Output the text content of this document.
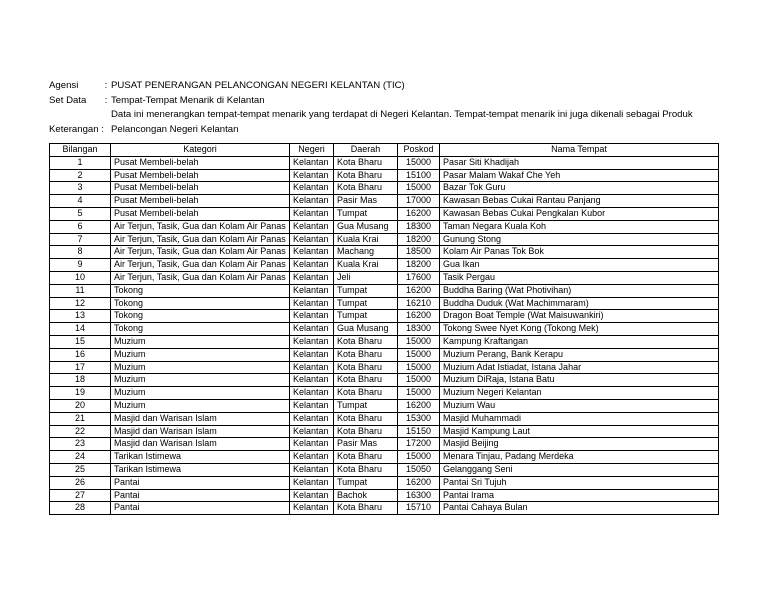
Agensi	: PUSAT PENERANGAN PELANCONGAN NEGERI KELANTAN (TIC)
Set Data	: Tempat-Tempat Menarik di Kelantan
Data ini menerangkan tempat-tempat menarik yang terdapat di Negeri Kelantan. Tempat-tempat menarik ini juga dikenali sebagai Produk
Keterangan : Pelancongan Negeri Kelantan
Bilangan	Kategori	Negeri	Daerah	Poskod	Nama Tempat
1	Pusat Membeli-belah	Kelantan	Kota Bharu	15000	Pasar Siti Khadijah
2	Pusat Membeli-belah	Kelantan	Kota Bharu	15100	Pasar Malam Wakaf Che Yeh
3	Pusat Membeli-belah	Kelantan	Kota Bharu	15000	Bazar Tok Guru
4	Pusat Membeli-belah	Kelantan	Pasir Mas	17000	Kawasan Bebas Cukai Rantau Panjang
5	Pusat Membeli-belah	Kelantan	Tumpat	16200	Kawasan Bebas Cukai Pengkalan Kubor
6	Air Terjun, Tasik, Gua dan Kolam Air Panas	Kelantan	Gua Musang	18300	Taman Negara Kuala Koh
7	Air Terjun, Tasik, Gua dan Kolam Air Panas	Kelantan	Kuala Krai	18200	Gunung Stong
8	Air Terjun, Tasik, Gua dan Kolam Air Panas	Kelantan	Machang	18500	Kolam Air Panas Tok Bok
9	Air Terjun, Tasik, Gua dan Kolam Air Panas	Kelantan	Kuala Krai	18200	Gua Ikan
10	Air Terjun, Tasik, Gua dan Kolam Air Panas	Kelantan	Jeli	17600	Tasik Pergau
11	Tokong	Kelantan	Tumpat	16200	Buddha Baring (Wat Photivihan)
12	Tokong	Kelantan	Tumpat	16210	Buddha Duduk (Wat Machimmaram)
13	Tokong	Kelantan	Tumpat	16200	Dragon Boat Temple (Wat Maisuwankiri)
14	Tokong	Kelantan	Gua Musang	18300	Tokong Swee Nyet Kong (Tokong Mek)
15	Muzium	Kelantan	Kota Bharu	15000	Kampung Kraftangan
16	Muzium	Kelantan	Kota Bharu	15000	Muzium Perang, Bank Kerapu
17	Muzium	Kelantan	Kota Bharu	15000	Muzium Adat Istiadat, Istana Jahar
18	Muzium	Kelantan	Kota Bharu	15000	Muzium DiRaja, Istana Batu
19	Muzium	Kelantan	Kota Bharu	15000	Muzium Negeri Kelantan
20	Muzium	Kelantan	Tumpat	16200	Muzium Wau
21	Masjid dan Warisan Islam	Kelantan	Kota Bharu	15300	Masjid Muhammadi
22	Masjid dan Warisan Islam	Kelantan	Kota Bharu	15150	Masjid Kampung Laut
23	Masjid dan Warisan Islam	Kelantan	Pasir Mas	17200	Masjid Beijing
24	Tarikan Istimewa	Kelantan	Kota Bharu	15000	Menara Tinjau, Padang Merdeka
25	Tarikan Istimewa	Kelantan	Kota Bharu	15050	Gelanggang Seni
26	Pantai	Kelantan	Tumpat	16200	Pantai Sri Tujuh
27	Pantai	Kelantan	Bachok	16300	Pantai Irama
28	Pantai	Kelantan	Kota Bharu	15710	Pantai Cahaya Bulan
